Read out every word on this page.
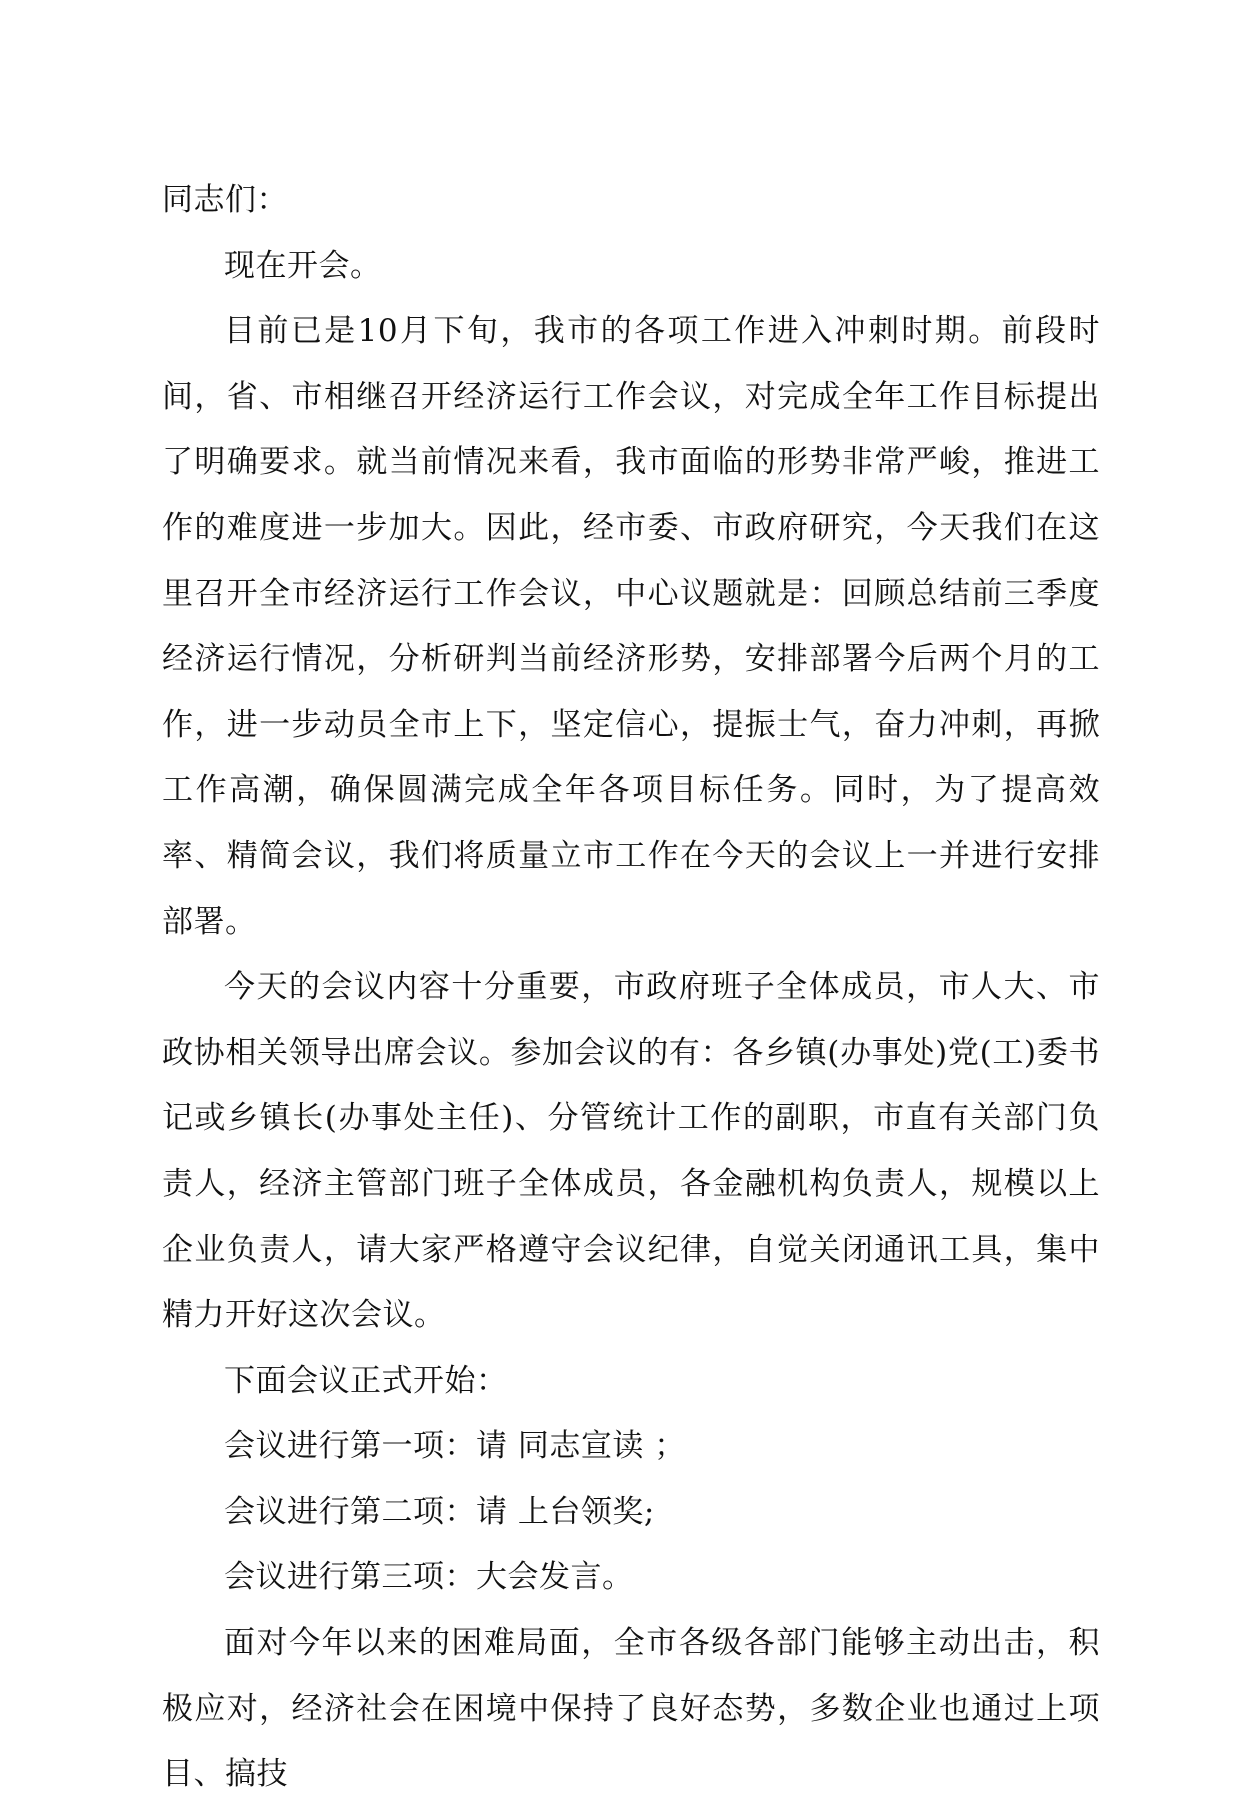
同志们：

现在开会。

目前已是10月下旬，我市的各项工作进入冲刺时期。前段时间，省、市相继召开经济运行工作会议，对完成全年工作目标提出了明确要求。就当前情况来看，我市面临的形势非常严峻，推进工作的难度进一步加大。因此，经市委、市政府研究，今天我们在这里召开全市经济运行工作会议，中心议题就是：回顾总结前三季度经济运行情况，分析研判当前经济形势，安排部署今后两个月的工作，进一步动员全市上下，坚定信心，提振士气，奋力冲刺，再掀工作高潮，确保圆满完成全年各项目标任务。同时，为了提高效率、精简会议，我们将质量立市工作在今天的会议上一并进行安排部署。

今天的会议内容十分重要，市政府班子全体成员，市人大、市政协相关领导出席会议。参加会议的有：各乡镇(办事处)党(工)委书记或乡镇长(办事处主任)、分管统计工作的副职，市直有关部门负责人，经济主管部门班子全体成员，各金融机构负责人，规模以上企业负责人，请大家严格遵守会议纪律，自觉关闭通讯工具，集中精力开好这次会议。

下面会议正式开始：

会议进行第一项：请 同志宣读 ；

会议进行第二项：请 上台领奖;

会议进行第三项：大会发言。

面对今年以来的困难局面，全市各级各部门能够主动出击，积极应对，经济社会在困境中保持了良好态势，多数企业也通过上项目、搞技
